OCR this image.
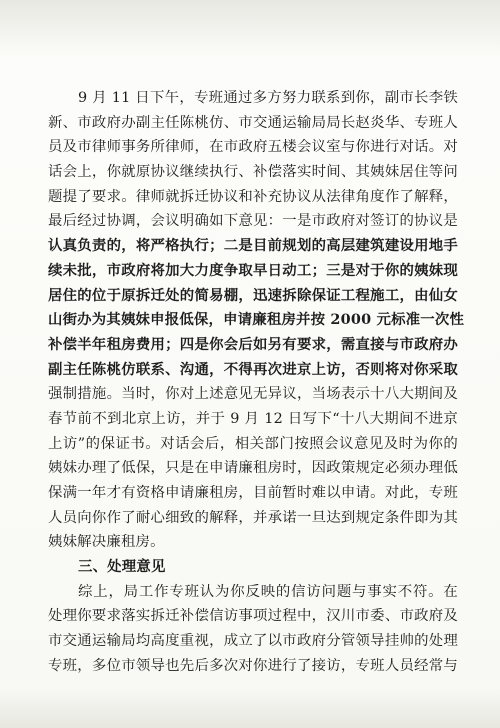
9 月 11 日下午，专班通过多方努力联系到你，副市长李铁
新、市政府办副主任陈桃仿、市交通运输局局长赵炎华、专班人
员及市律师事务所律师，在市政府五楼会议室与你进行对话。对
话会上，你就原协议继续执行、补偿落实时间、其姨妹居住等问
题提了要求。律师就拆迁协议和补充协议从法律角度作了解释，
最后经过协调，会议明确如下意见：一是市政府对签订的协议是
认真负责的，将严格执行；二是目前规划的高层建筑建设用地手
续未批，市政府将加大力度争取早日动工；三是对于你的姨妹现
居住的位于原拆迁处的简易棚，迅速拆除保证工程施工，由仙女
山街办为其姨妹申报低保，申请廉租房并按 2000 元标准一次性
补偿半年租房费用；四是你会后如另有要求，需直接与市政府办
副主任陈桃仿联系、沟通，不得再次进京上访，否则将对你采取
强制措施。当时，你对上述意见无异议，当场表示十八大期间及
春节前不到北京上访，并于 9 月 12 日写下“十八大期间不进京
上访”的保证书。对话会后，相关部门按照会议意见及时为你的
姨妹办理了低保，只是在申请廉租房时，因政策规定必须办理低
保满一年才有资格申请廉租房，目前暂时难以申请。对此，专班
人员向你作了耐心细致的解释，并承诺一旦达到规定条件即为其
姨妹解决廉租房。
三、处理意见
综上，局工作专班认为你反映的信访问题与事实不符。在
处理你要求落实拆迁补偿信访事项过程中，汉川市委、市政府及
市交通运输局均高度重视，成立了以市政府分管领导挂帅的处理
专班，多位市领导也先后多次对你进行了接访，专班人员经常与
